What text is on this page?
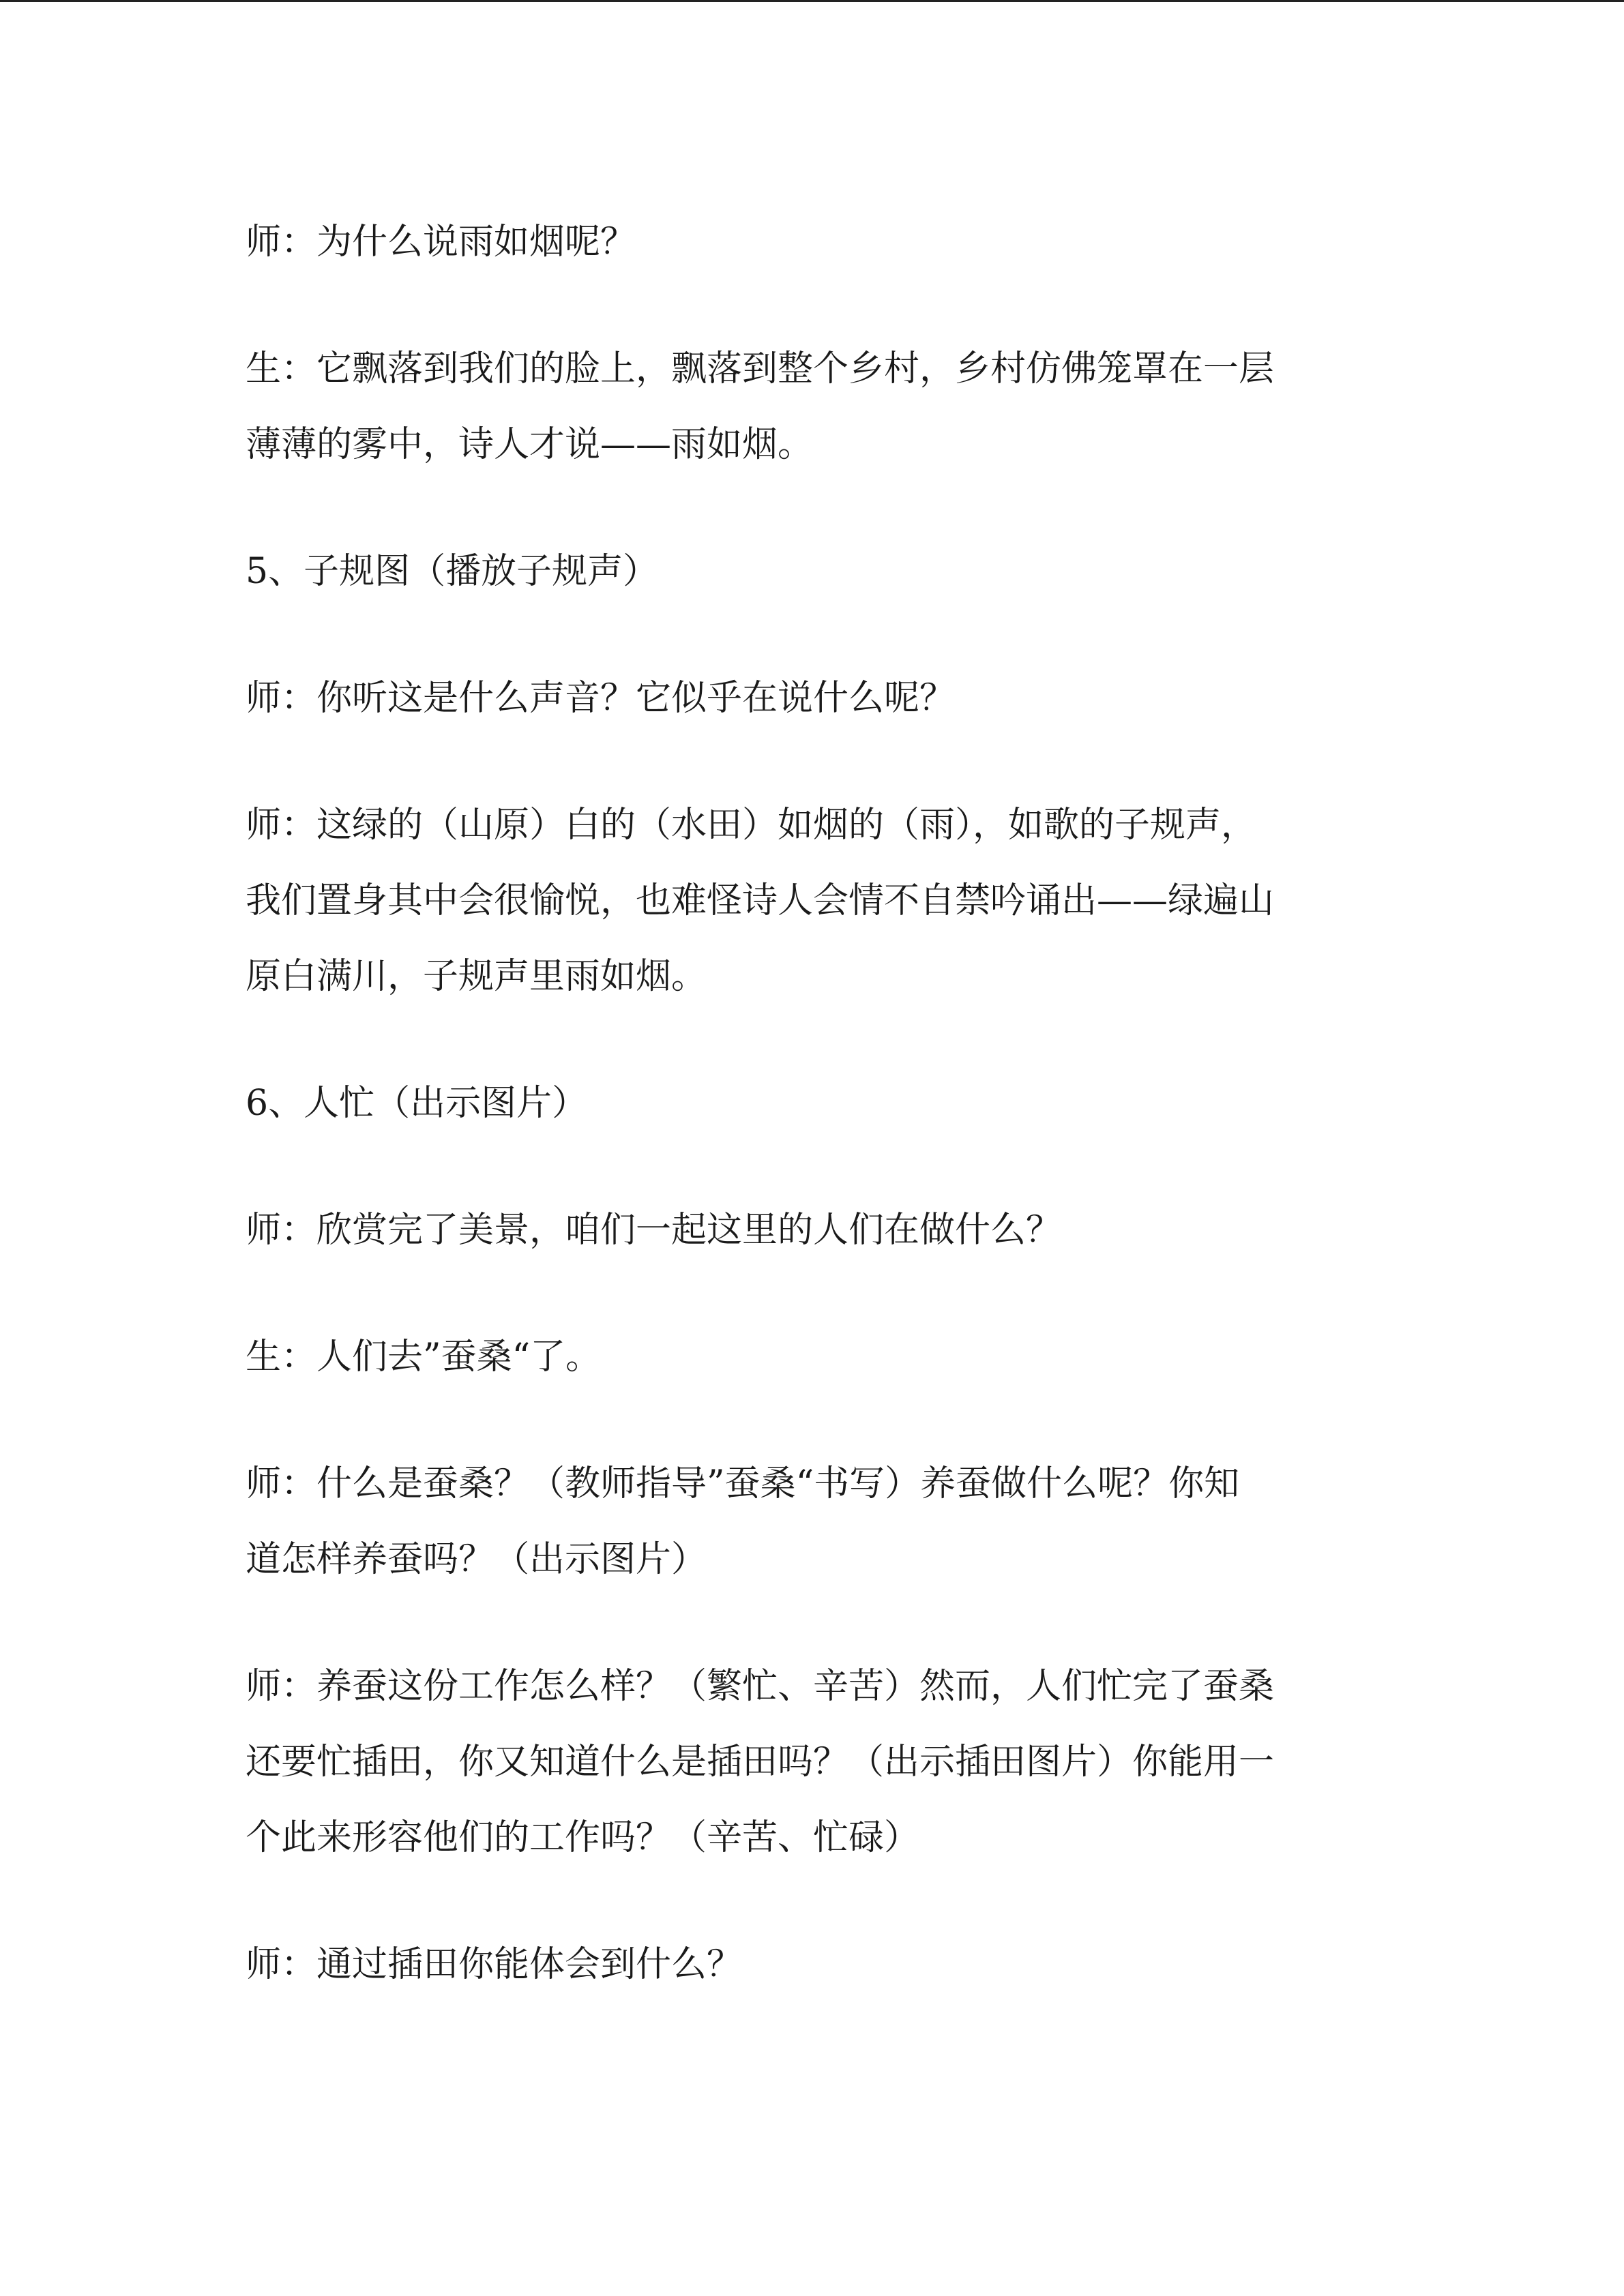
师：为什么说雨如烟呢？

生：它飘落到我们的脸上，飘落到整个乡村，乡村仿佛笼罩在一层
薄薄的雾中，诗人才说——雨如烟。

5、子规图（播放子规声）

师：你听这是什么声音？它似乎在说什么呢？

师：这绿的（山原）白的（水田）如烟的（雨），如歌的子规声，
我们置身其中会很愉悦，也难怪诗人会情不自禁吟诵出——绿遍山
原白满川，子规声里雨如烟。

6、人忙（出示图片）

师：欣赏完了美景，咱们一起这里的人们在做什么？

生：人们去”蚕桑“了。

师：什么是蚕桑？（教师指导”蚕桑“书写）养蚕做什么呢？你知
道怎样养蚕吗？（出示图片）

师：养蚕这份工作怎么样？（繁忙、辛苦）然而，人们忙完了蚕桑
还要忙插田，你又知道什么是插田吗？（出示插田图片）你能用一
个此来形容他们的工作吗？（辛苦、忙碌）

师：通过插田你能体会到什么？
